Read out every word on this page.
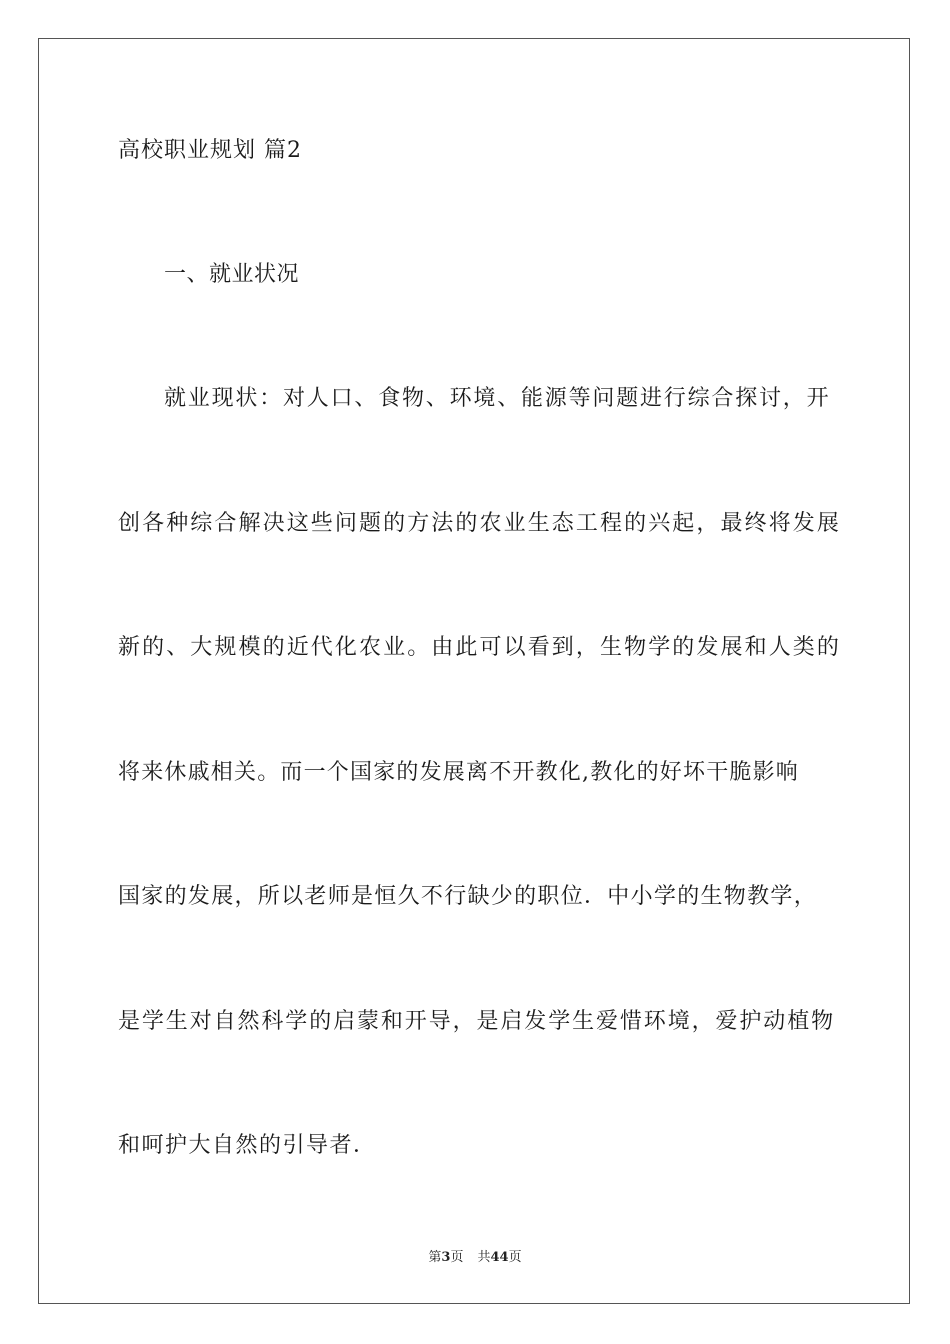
高校职业规划 篇2
一、就业状况
就业现状：对人口、食物、环境、能源等问题进行综合探讨，开
创各种综合解决这些问题的方法的农业生态工程的兴起，最终将发展
新的、大规模的近代化农业。由此可以看到，生物学的发展和人类的
将来休戚相关。而一个国家的发展离不开教化,教化的好坏干脆影响
国家的发展，所以老师是恒久不行缺少的职位．中小学的生物教学，
是学生对自然科学的启蒙和开导，是启发学生爱惜环境，爱护动植物
和呵护大自然的引导者．
第3页 共44页
